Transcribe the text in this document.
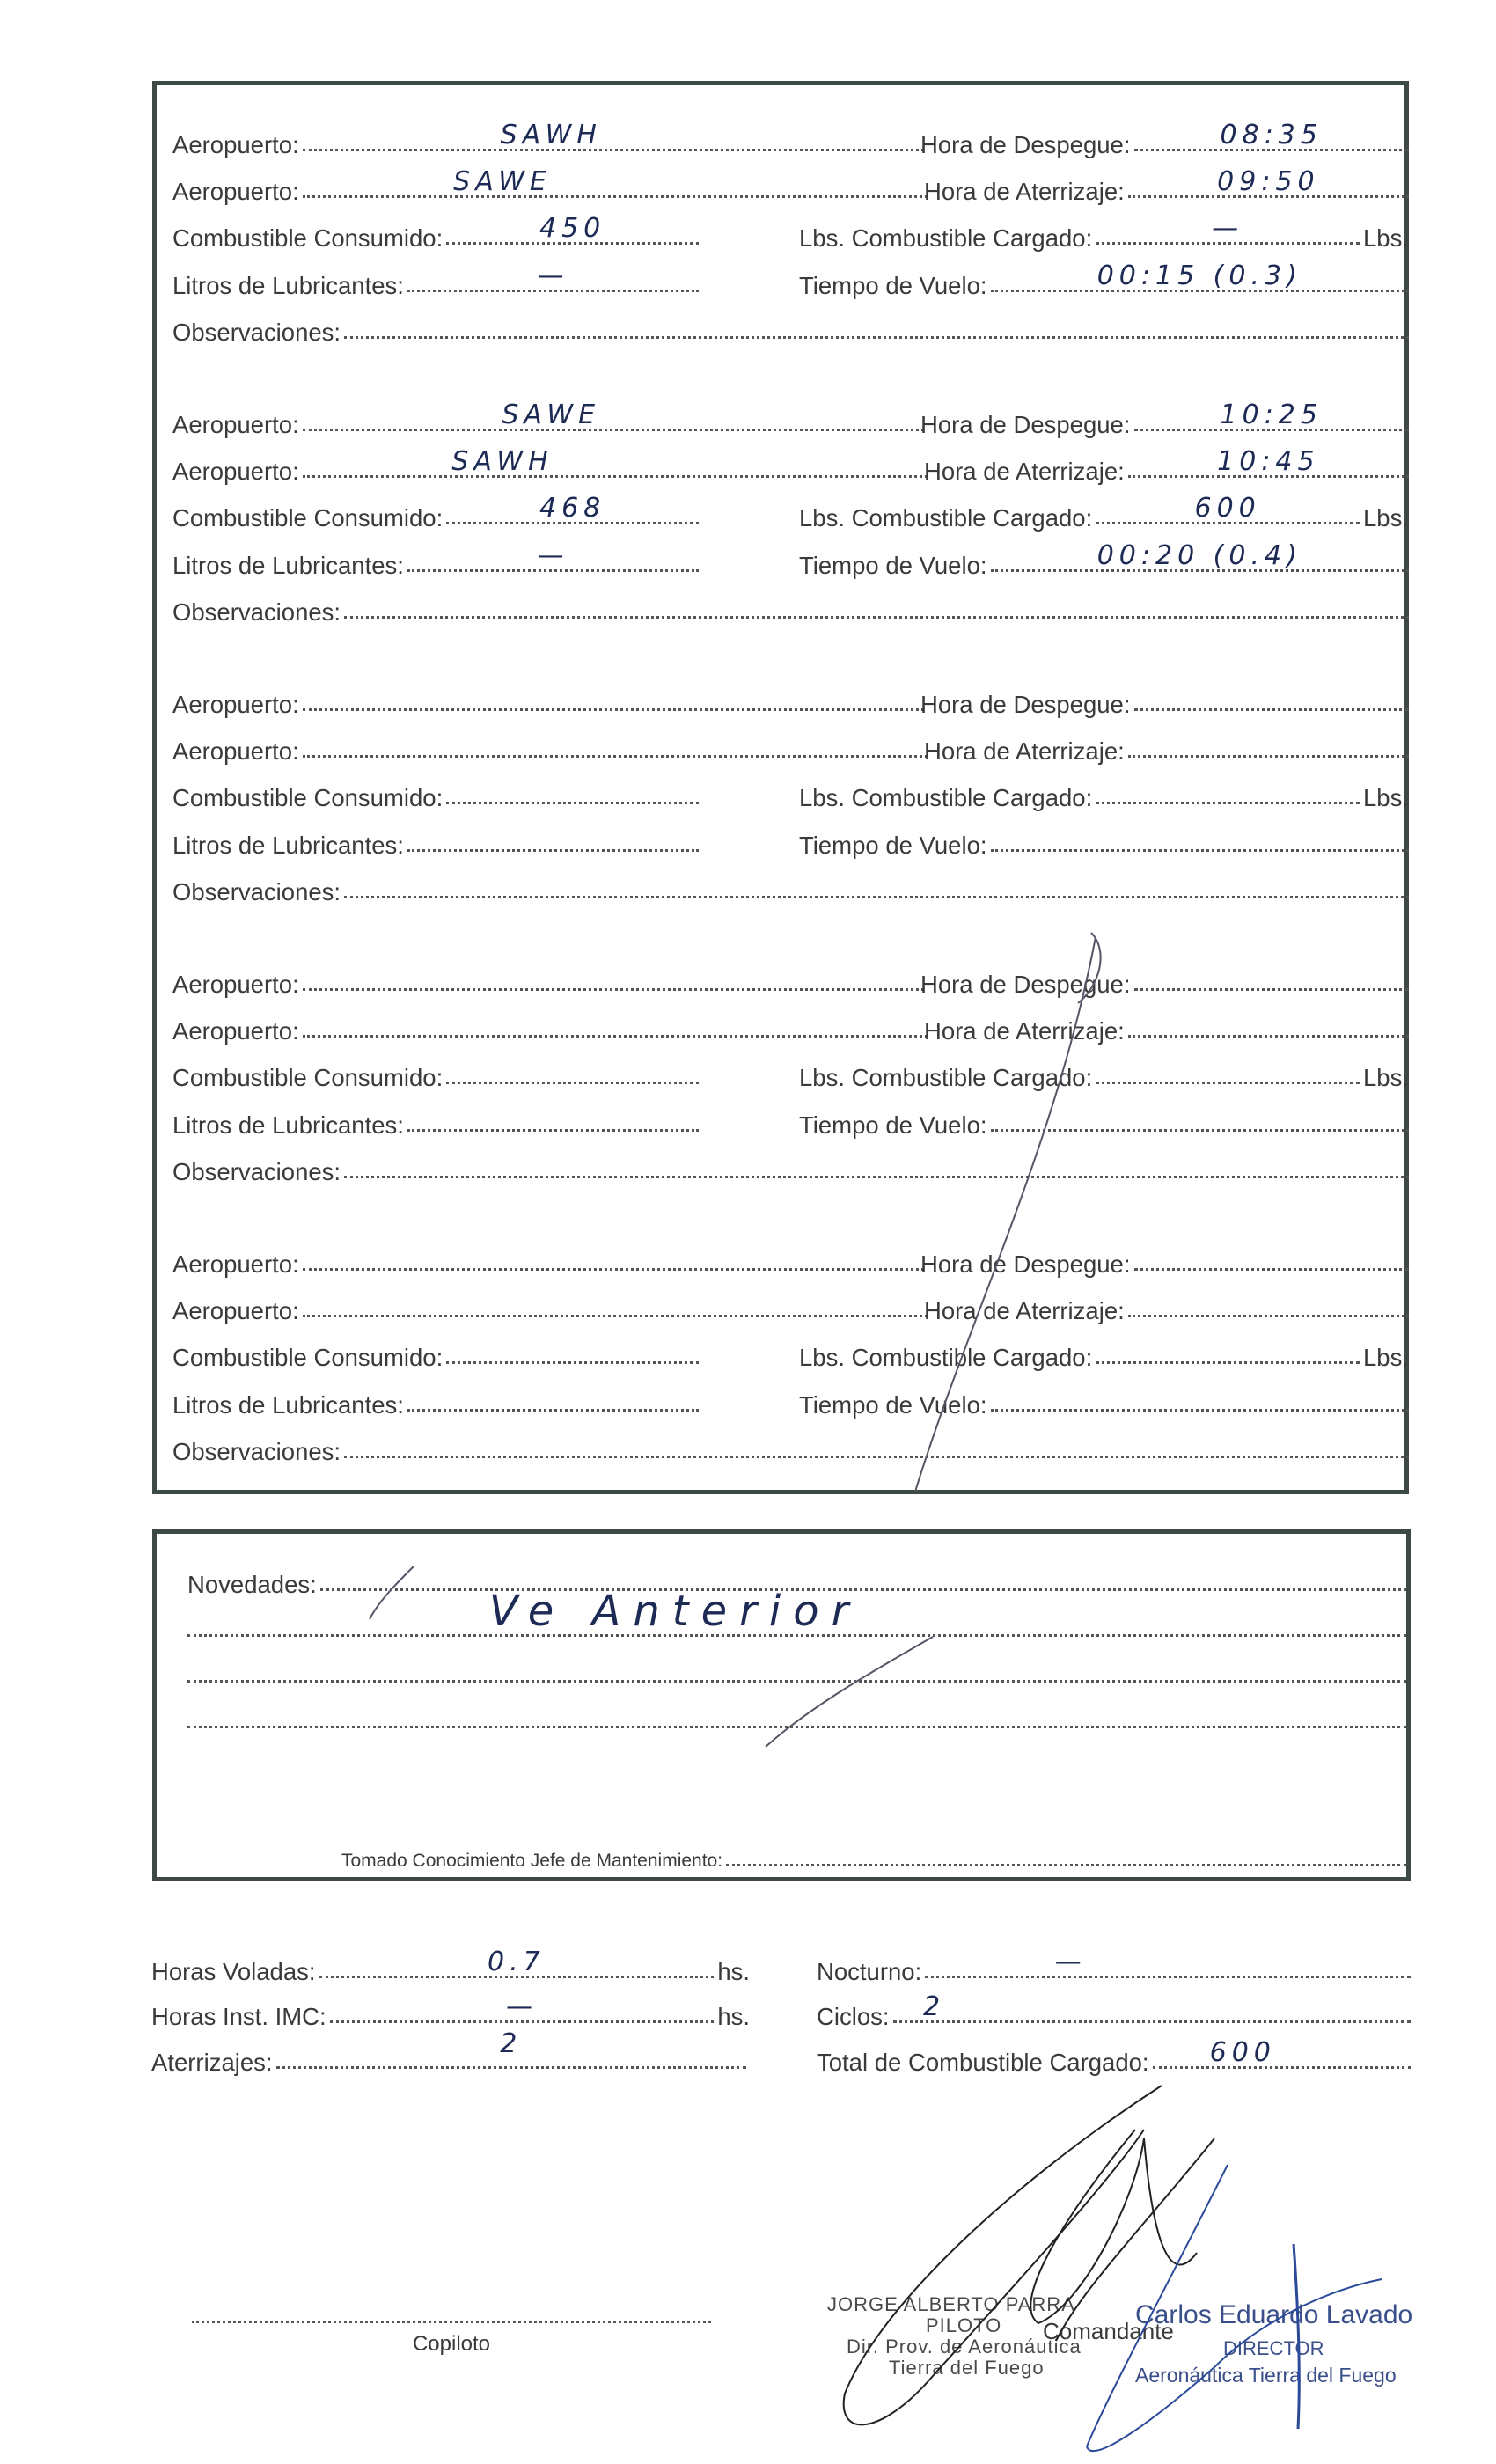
Aeropuerto:	SAWH	Hora de Despegue:	08:35
Aeropuerto:	SAWE	Hora de Aterrizaje:	09:50
Combustible Consumido:	450	Lbs. Combustible Cargado:	—	Lbs.
Litros de Lubricantes:	—	Tiempo de Vuelo:	00:15 (0.3)
Observaciones:
Aeropuerto:	SAWE	Hora de Despegue:	10:25
Aeropuerto:	SAWH	Hora de Aterrizaje:	10:45
Combustible Consumido:	468	Lbs. Combustible Cargado:	600	Lbs.
Litros de Lubricantes:	—	Tiempo de Vuelo:	00:20 (0.4)
Observaciones:
Aeropuerto:	Hora de Despegue:
Aeropuerto:	Hora de Aterrizaje:
Combustible Consumido:	Lbs. Combustible Cargado:	Lbs.
Litros de Lubricantes:	Tiempo de Vuelo:
Observaciones:
Aeropuerto:	Hora de Despegue:
Aeropuerto:	Hora de Aterrizaje:
Combustible Consumido:	Lbs. Combustible Cargado:	Lbs.
Litros de Lubricantes:	Tiempo de Vuelo:
Observaciones:
Aeropuerto:	Hora de Despegue:
Aeropuerto:	Hora de Aterrizaje:
Combustible Consumido:	Lbs. Combustible Cargado:	Lbs.
Litros de Lubricantes:	Tiempo de Vuelo:
Observaciones:
Novedades:
Ve Anterior
Tomado Conocimiento Jefe de Mantenimiento:
Horas Voladas:	0.7	hs.
Horas Inst. IMC:	—	hs.
Aterrizajes:
2
Nocturno:	—
Ciclos: 2
Total de Combustible Cargado: 600
Copiloto
JORGE ALBERTO PARRA
PILOTO
Dir. Prov. de Aeronáutica
Tierra del Fuego
Comandante
Carlos Eduardo Lavado
DIRECTOR
Aeronáutica Tierra del Fuego
